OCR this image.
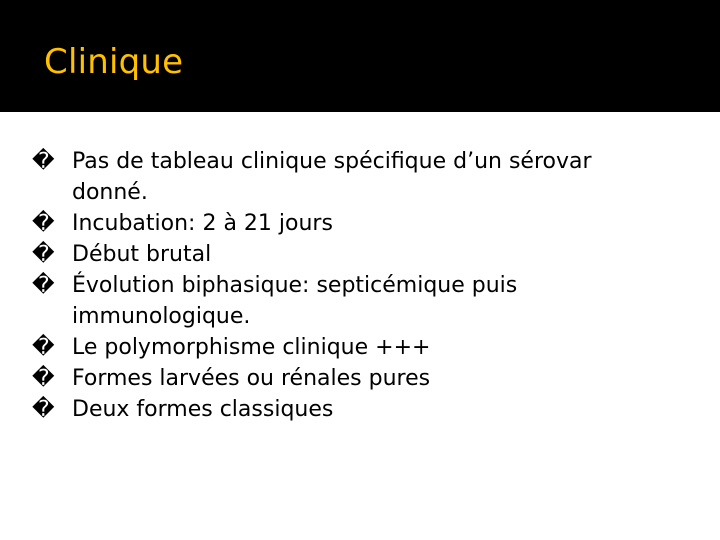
Clinique
� Pas de tableau clinique spécifique d’un sérovar donné.
� Incubation: 2 à 21 jours
� Début brutal
� Évolution biphasique: septicémique puis immunologique.
� Le polymorphisme clinique +++
� Formes larvées ou rénales pures
� Deux formes classiques
